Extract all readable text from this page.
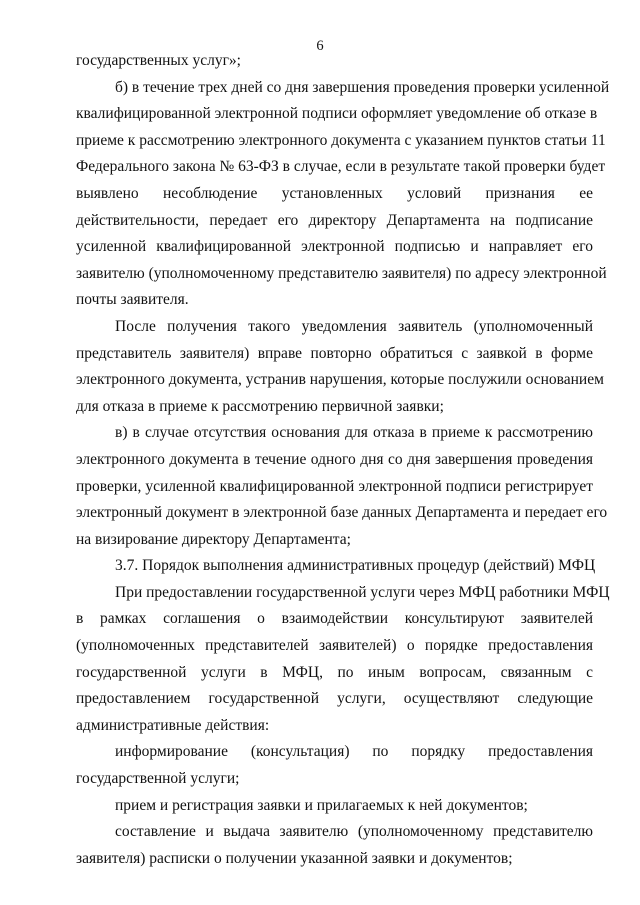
6
государственных услуг»;
б) в течение трех дней со дня завершения проведения проверки усиленной
квалифицированной электронной подписи оформляет уведомление об отказе в
приеме к рассмотрению электронного документа с указанием пунктов статьи 11
Федерального закона № 63-ФЗ в случае, если в результате такой проверки будет
выявлено несоблюдение установленных условий признания ее
действительности, передает его директору Департамента на подписание
усиленной квалифицированной электронной подписью и направляет его
заявителю (уполномоченному представителю заявителя) по адресу электронной
почты заявителя.
После получения такого уведомления заявитель (уполномоченный
представитель заявителя) вправе повторно обратиться с заявкой в форме
электронного документа, устранив нарушения, которые послужили основанием
для отказа в приеме к рассмотрению первичной заявки;
в) в случае отсутствия основания для отказа в приеме к рассмотрению
электронного документа в течение одного дня со дня завершения проведения
проверки, усиленной квалифицированной электронной подписи регистрирует
электронный документ в электронной базе данных Департамента и передает его
на визирование директору Департамента;
3.7. Порядок выполнения административных процедур (действий) МФЦ
При предоставлении государственной услуги через МФЦ работники МФЦ
в рамках соглашения о взаимодействии консультируют заявителей
(уполномоченных представителей заявителей) о порядке предоставления
государственной услуги в МФЦ, по иным вопросам, связанным с
предоставлением государственной услуги, осуществляют следующие
административные действия:
информирование (консультация) по порядку предоставления
государственной услуги;
прием и регистрация заявки и прилагаемых к ней документов;
составление и выдача заявителю (уполномоченному представителю
заявителя) расписки о получении указанной заявки и документов;
